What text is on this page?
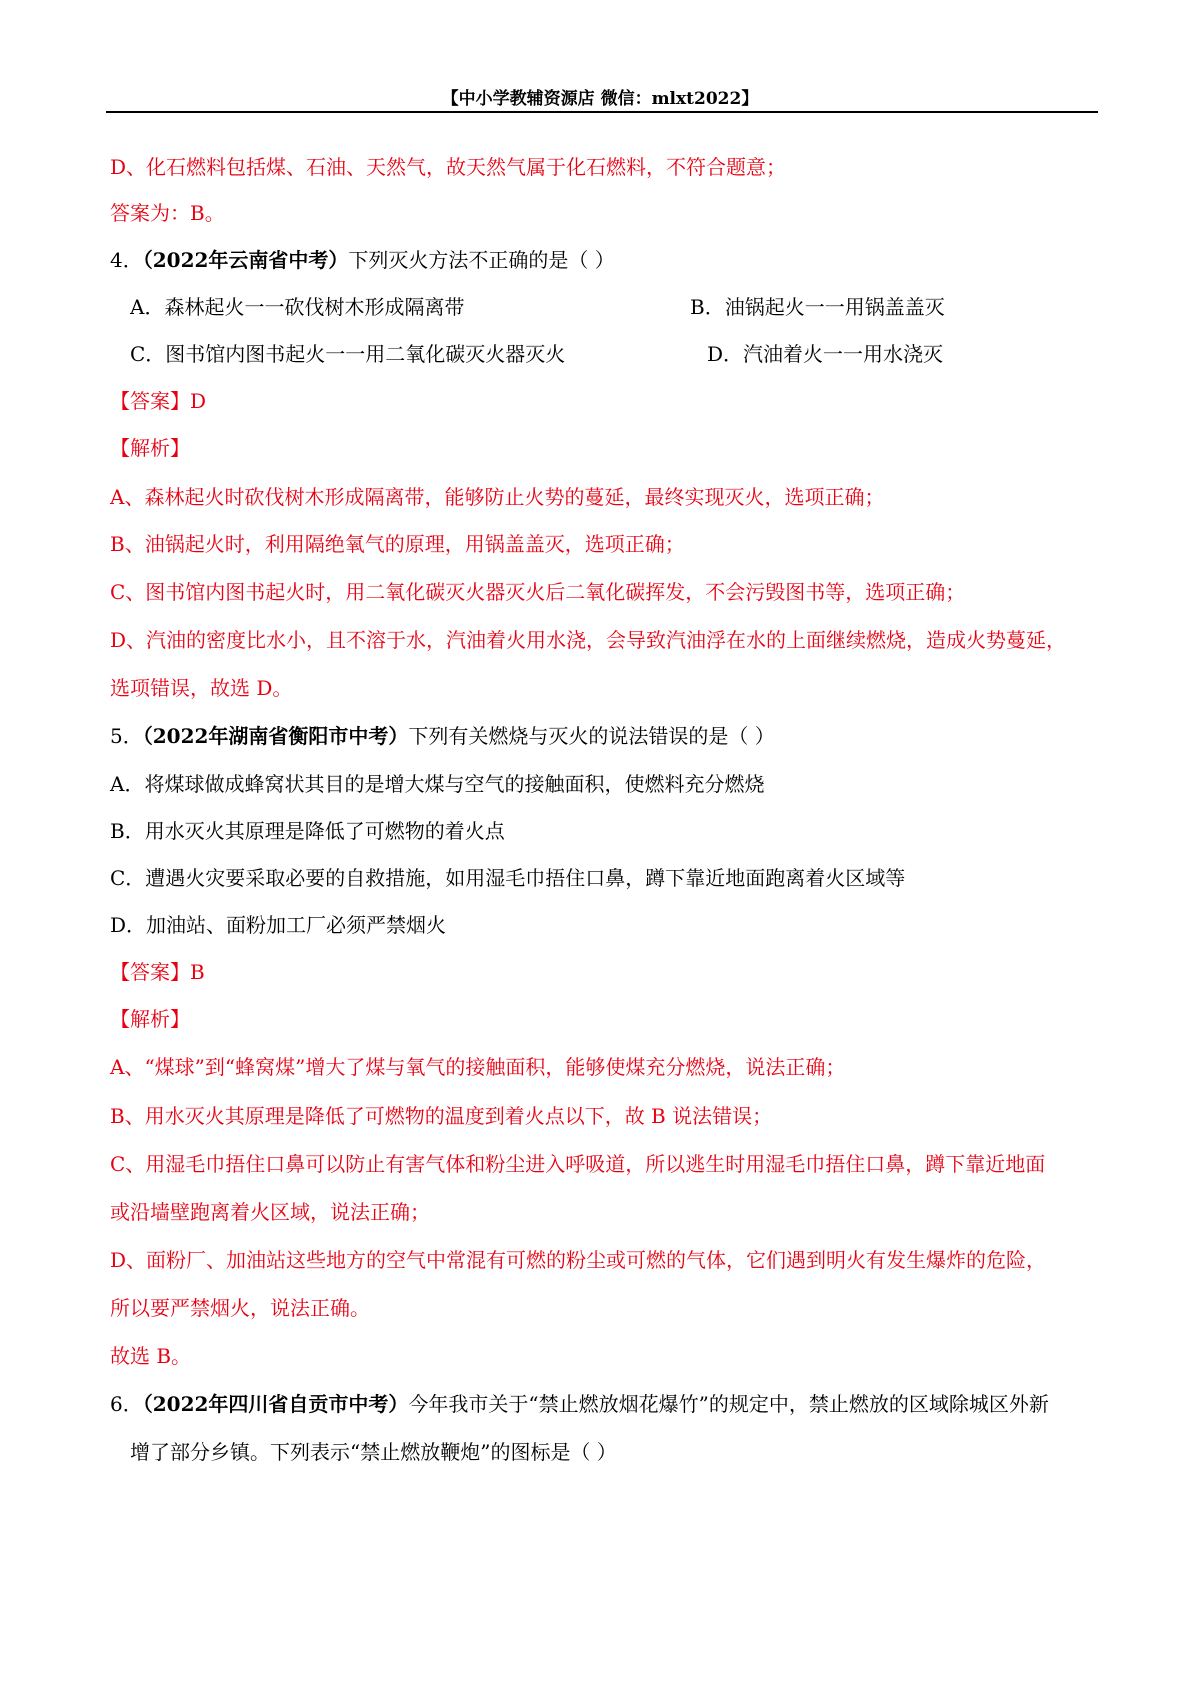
【中小学教辅资源店 微信：mlxt2022】
D、化石燃料包括煤、石油、天然气，故天然气属于化石燃料，不符合题意；
答案为：B。
4．（2022年云南省中考）下列灭火方法不正确的是（ ）
A．森林起火一一砍伐树木形成隔离带	B．油锅起火一一用锅盖盖灭
C．图书馆内图书起火一一用二氧化碳灭火器灭火	D．汽油着火一一用水浇灭
【答案】D
【解析】
A、森林起火时砍伐树木形成隔离带，能够防止火势的蔓延，最终实现灭火，选项正确；
B、油锅起火时，利用隔绝氧气的原理，用锅盖盖灭，选项正确；
C、图书馆内图书起火时，用二氧化碳灭火器灭火后二氧化碳挥发，不会污毁图书等，选项正确；
D、汽油的密度比水小，且不溶于水，汽油着火用水浇，会导致汽油浮在水的上面继续燃烧，造成火势蔓延，
选项错误，故选 D。
5．（2022年湖南省衡阳市中考）下列有关燃烧与灭火的说法错误的是（ ）
A．将煤球做成蜂窝状其目的是增大煤与空气的接触面积，使燃料充分燃烧
B．用水灭火其原理是降低了可燃物的着火点
C．遭遇火灾要采取必要的自救措施，如用湿毛巾捂住口鼻，蹲下靠近地面跑离着火区域等
D．加油站、面粉加工厂必须严禁烟火
【答案】B
【解析】
A、“煤球”到“蜂窝煤”增大了煤与氧气的接触面积，能够使煤充分燃烧，说法正确；
B、用水灭火其原理是降低了可燃物的温度到着火点以下，故 B 说法错误；
C、用湿毛巾捂住口鼻可以防止有害气体和粉尘进入呼吸道，所以逃生时用湿毛巾捂住口鼻，蹲下靠近地面
或沿墙壁跑离着火区域，说法正确；
D、面粉厂、加油站这些地方的空气中常混有可燃的粉尘或可燃的气体，它们遇到明火有发生爆炸的危险，
所以要严禁烟火，说法正确。
故选 B。
6．（2022年四川省自贡市中考）今年我市关于“禁止燃放烟花爆竹”的规定中，禁止燃放的区域除城区外新
增了部分乡镇。下列表示“禁止燃放鞭炮”的图标是（ ）
